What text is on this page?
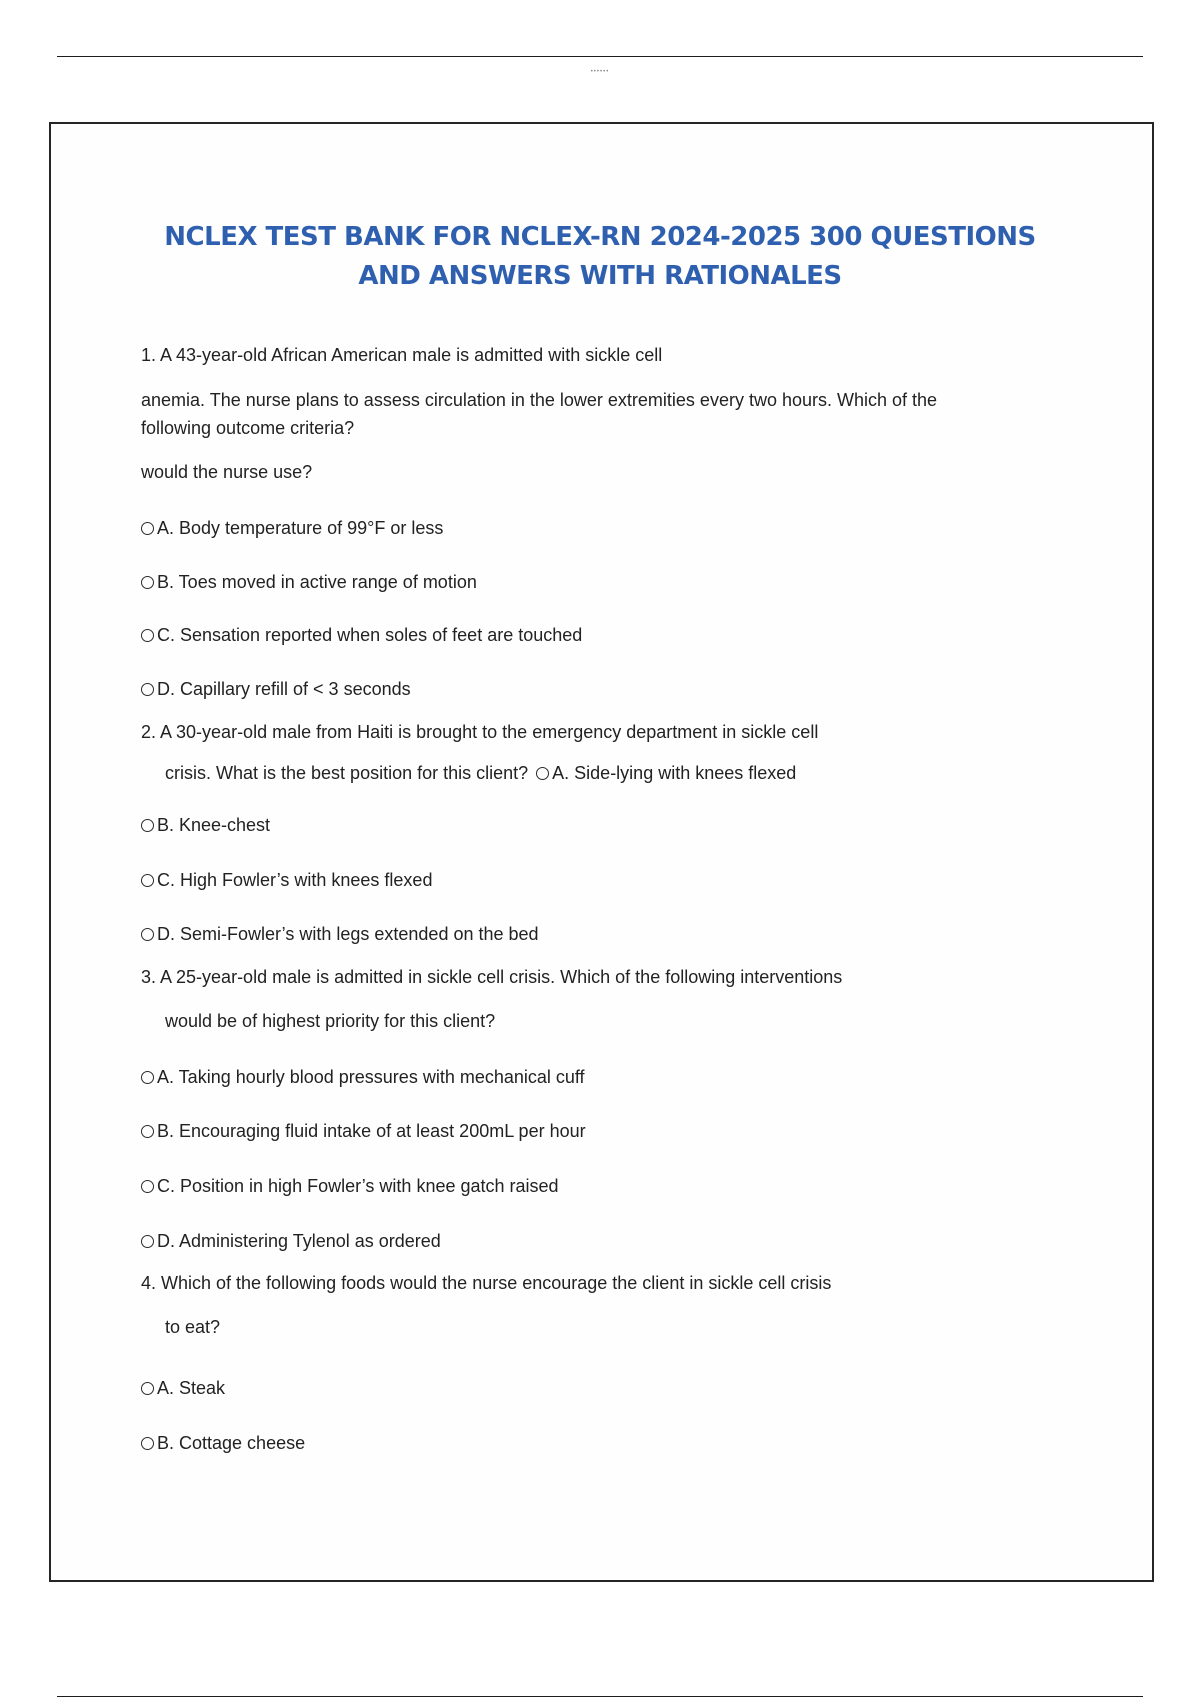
••••••
NCLEX TEST BANK FOR NCLEX-RN 2024-2025 300 QUESTIONS
AND ANSWERS WITH RATIONALES
1. A 43-year-old African American male is admitted with sickle cell
anemia. The nurse plans to assess circulation in the lower extremities every two hours. Which of the
following outcome criteria?
would the nurse use?
A. Body temperature of 99°F or less
B. Toes moved in active range of motion
C. Sensation reported when soles of feet are touched
D. Capillary refill of < 3 seconds
2. A 30-year-old male from Haiti is brought to the emergency department in sickle cell
crisis. What is the best position for this client? A. Side-lying with knees flexed
B. Knee-chest
C. High Fowler’s with knees flexed
D. Semi-Fowler’s with legs extended on the bed
3. A 25-year-old male is admitted in sickle cell crisis. Which of the following interventions
would be of highest priority for this client?
A. Taking hourly blood pressures with mechanical cuff
B. Encouraging fluid intake of at least 200mL per hour
C. Position in high Fowler’s with knee gatch raised
D. Administering Tylenol as ordered
4. Which of the following foods would the nurse encourage the client in sickle cell crisis
to eat?
A. Steak
B. Cottage cheese
